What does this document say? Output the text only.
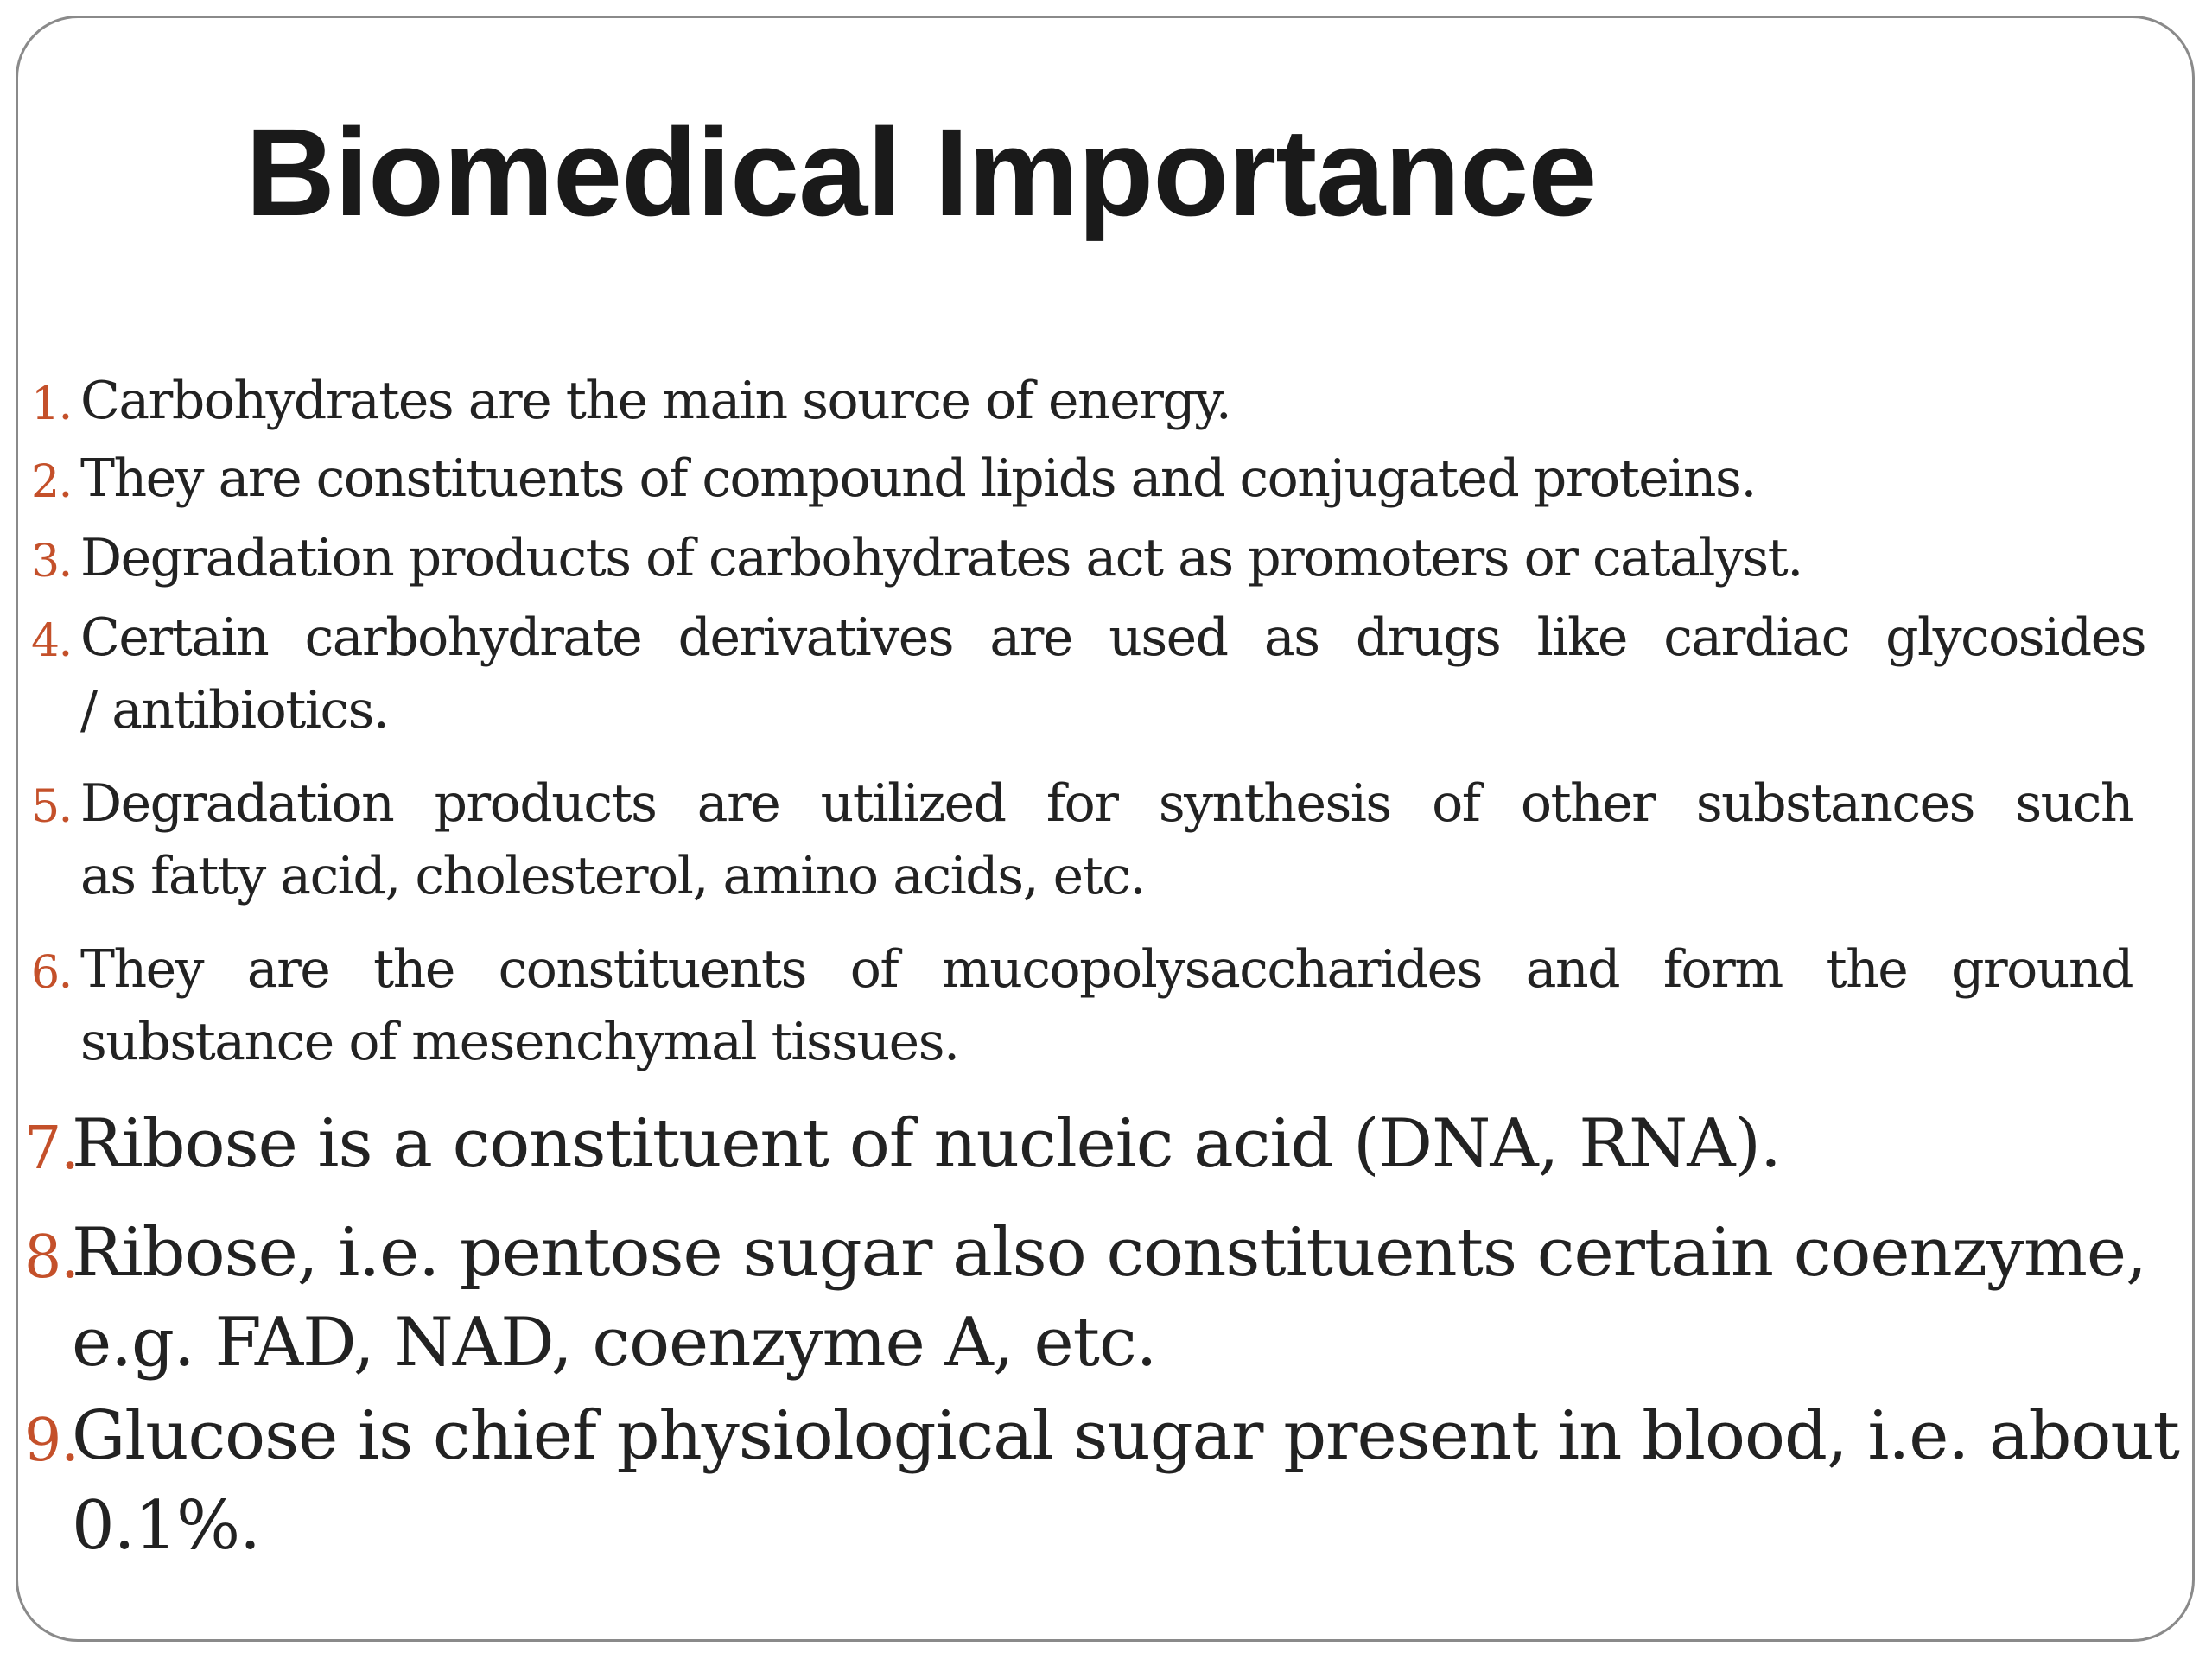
Biomedical Importance
1. Carbohydrates are the main source of energy.
2. They are constituents of compound lipids and conjugated proteins.
3. Degradation products of carbohydrates act as promoters or catalyst.
4. Certain carbohydrate derivatives are used as drugs like cardiac glycosides
/ antibiotics.
5. Degradation products are utilized for synthesis of other substances such
as fatty acid, cholesterol, amino acids, etc.
6. They are the constituents of mucopolysaccharides and form the ground
substance of mesenchymal tissues.
7.
Ribose is a constituent of nucleic acid (DNA, RNA).
8.
Ribose, i.e. pentose sugar also constituents certain coenzyme,
e.g. FAD, NAD, coenzyme A, etc.
9.
Glucose is chief physiological sugar present in blood, i.e. about
0.1%.
